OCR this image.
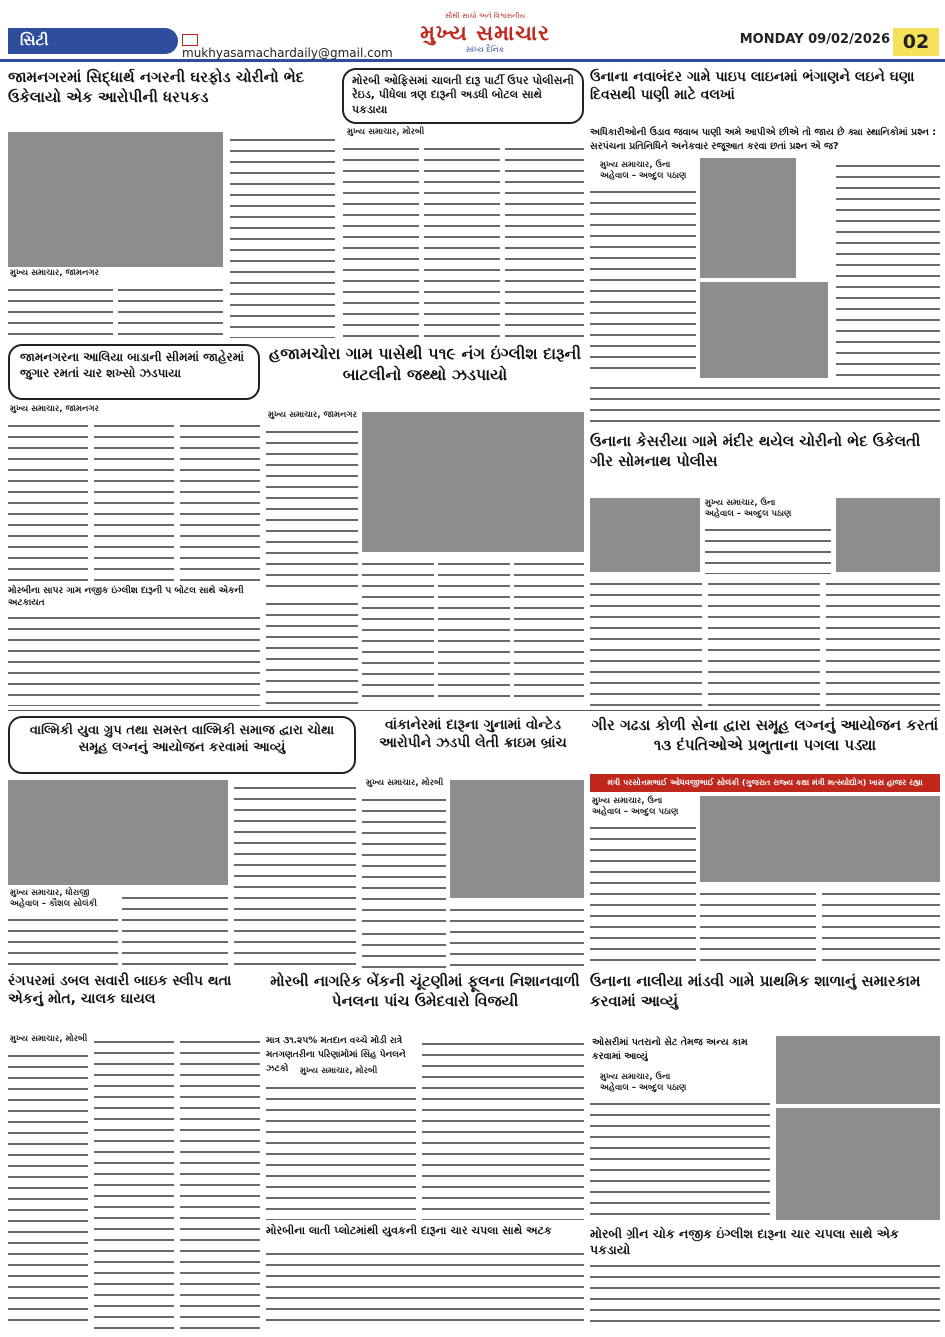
સિટી
mukhyasamachardaily@gmail.com
સૌથી સાચો અને વિશ્વસનીય
મુખ્ય સમાચાર
સાંધ્ય દૈનિક
MONDAY 09/02/2026 02
જામનગરમાં સિદ્ધાર્થ નગરની ઘરફોડ ચોરીનો ભેદ ઉકેલાયો એક આરોપીની ધરપકડ
મુખ્ય સમાચાર, જામનગર
મોરબી ઓફિસમાં ચાલતી દારૂ પાર્ટી ઉપર પોલીસની રેઇડ, પીધેલા ત્રણ દારૂની અડધી બોટલ સાથે પકડાયા
મુખ્ય સમાચાર, મોરબી
ઉનાના નવાબંદર ગામે પાઇપ લાઇનમાં ભંગાણને લઇને ઘણા દિવસથી પાણી માટે વલખાં
અધિકારીઓની ઉડાવ જવાબ પાણી અમે આપીએ છીએ તો જાય છે ક્યા સ્થાનિકોમાં પ્રશ્ન : સરપંચના પ્રતિનિધિને અનેકવાર રજૂઆત કરવા છતાં પ્રશ્ન એ જ?
મુખ્ય સમાચાર, ઉના
અહેવાલ – અબ્દુલ પઠાણ
જામનગરના આલિયા બાડાની સીમમાં જાહેરમાં જુગાર રમતાં ચાર શખ્સો ઝડપાયા
મુખ્ય સમાચાર, જામનગર
હજામચોરા ગામ પાસેથી ૫૧૯ નંગ ઇંગ્લીશ દારૂની બાટલીનો જથ્થો ઝડપાયો
મુખ્ય સમાચાર, જામનગર
મોરબીના સાપર ગામ નજીક ઇંગ્લીશ દારૂની ૫ બોટલ સાથે એકની અટકાયત
ઉનાના કેસરીયા ગામે મંદીર થયેલ ચોરીનો ભેદ ઉકેલતી ગીર સોમનાથ પોલીસ
મુખ્ય સમાચાર, ઉના
અહેવાલ – અબ્દુલ પઠાણ
વાલ્મિકી યુવા ગ્રુપ તથા સમસ્ત વાલ્મિકી સમાજ દ્વારા ચોથા સમૂહ લગ્નનું આયોજન કરવામાં આવ્યું
મુખ્ય સમાચાર, ધોરાજી
અહેવાલ – કૌશલ સોલંકી
વાંકાનેરમાં દારૂના ગુનામાં વોન્ટેડ આરોપીને ઝડપી લેતી ક્રાઇમ બ્રાંચ
મુખ્ય સમાચાર, મોરબી
ગીર ગઢડા કોળી સેના દ્વારા સમૂહ લગ્નનું આયોજન કરતાં ૧૩ દંપતિઓએ પ્રભુતાના પગલા પડ્યા
મંત્રી પરસોત્તમભાઈ ઓધવજીભાઈ સોલંકી (ગુજરાત રાજ્ય કક્ષા મંત્રી મત્સ્યોદ્યોગ) ખાસ હાજર રહ્યા
મુખ્ય સમાચાર, ઉના
અહેવાલ – અબ્દુલ પઠાણ
રંગપરમાં ડબલ સવારી બાઇક સ્લીપ થતા એકનું મોત, ચાલક ઘાયલ
મુખ્ય સમાચાર, મોરબી
મોરબી નાગરિક બેંકની ચૂંટણીમાં ફૂલના નિશાનવાળી પેનલના પાંચ ઉમેદવારો વિજયી
માત્ર ૩૧.૨૫% મતદાન વચ્ચે મોડી રાત્રે મતગણતરીના પરિણામોમાં સિંહ પેનલને ઝટકો	મુખ્ય સમાચાર, મોરબી
મોરબીના લાતી પ્લોટમાંથી યુવકની દારૂના ચાર ચપલા સાથે અટક
ઉનાના નાલીયા માંડવી ગામે પ્રાથમિક શાળાનું સમારકામ કરવામાં આવ્યું
ઓસરીમાં પતરાનો સેટ તેમજ અન્ય કામ કરવામાં આવ્યું
મુખ્ય સમાચાર, ઉના
અહેવાલ – અબ્દુલ પઠાણ
મોરબી ગ્રીન ચોક નજીક ઇંગ્લીશ દારૂના ચાર ચપલા સાથે એક પકડાયો
